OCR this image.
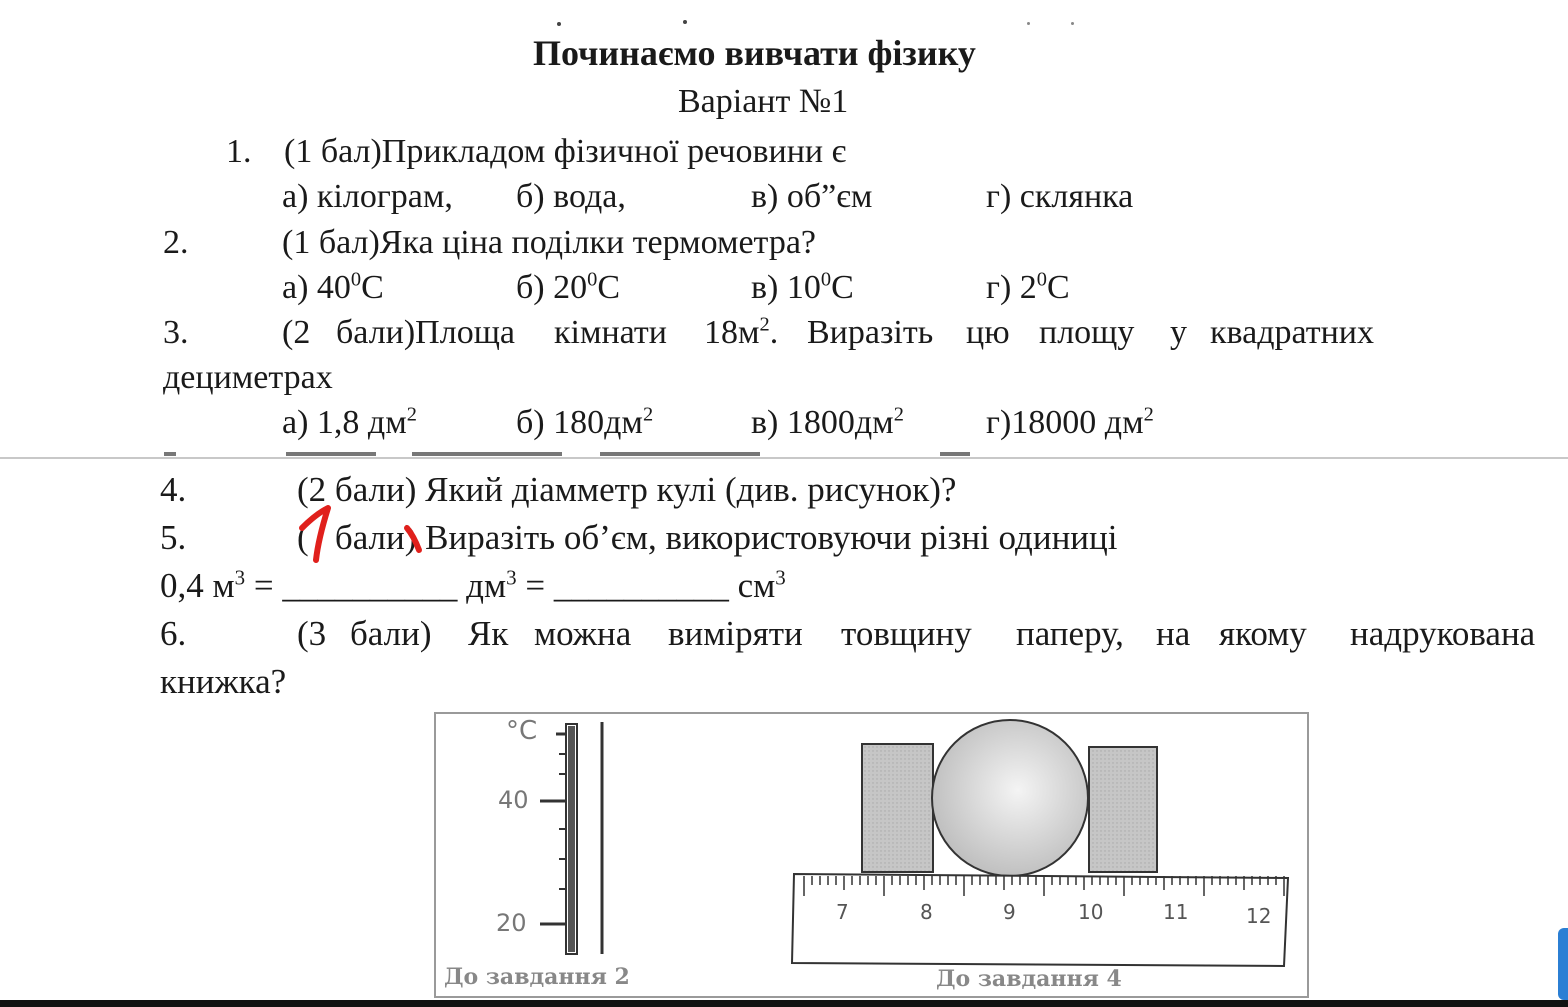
Починаємо вивчати фізику
Варіант №1
1. (1 бал)Прикладом фізичної речовини є
а) кілограм, б) вода,	в) об”єм	г) склянка
2.	(1 бал)Яка ціна поділки термометра?
а) $40^0С$	б) $20^0С$	в) $10^0С$	г) $2^0С$
3.	(2 бали)Площа кімнати $18м^2$. Виразіть цю площу у квадратних
дециметрах
а) 1,8 $дм^2$	б) $180дм^2$	в) $1800дм^2$ г)18000 $дм^2$
4.	(2 бали) Який діамметр кулі (див. рисунок)?
5.	( бали) Виразіть об’єм, використовуючи різні одиниці
0,4 $м^3$ = __________ $дм^3$ = __________ $см^3$
6.	(3 бали) Як можна виміряти товщину паперу, на якому надрукована
книжка?
°C
40
20	7	8	9	10	11	12
До завдання 2	До завдання 4
